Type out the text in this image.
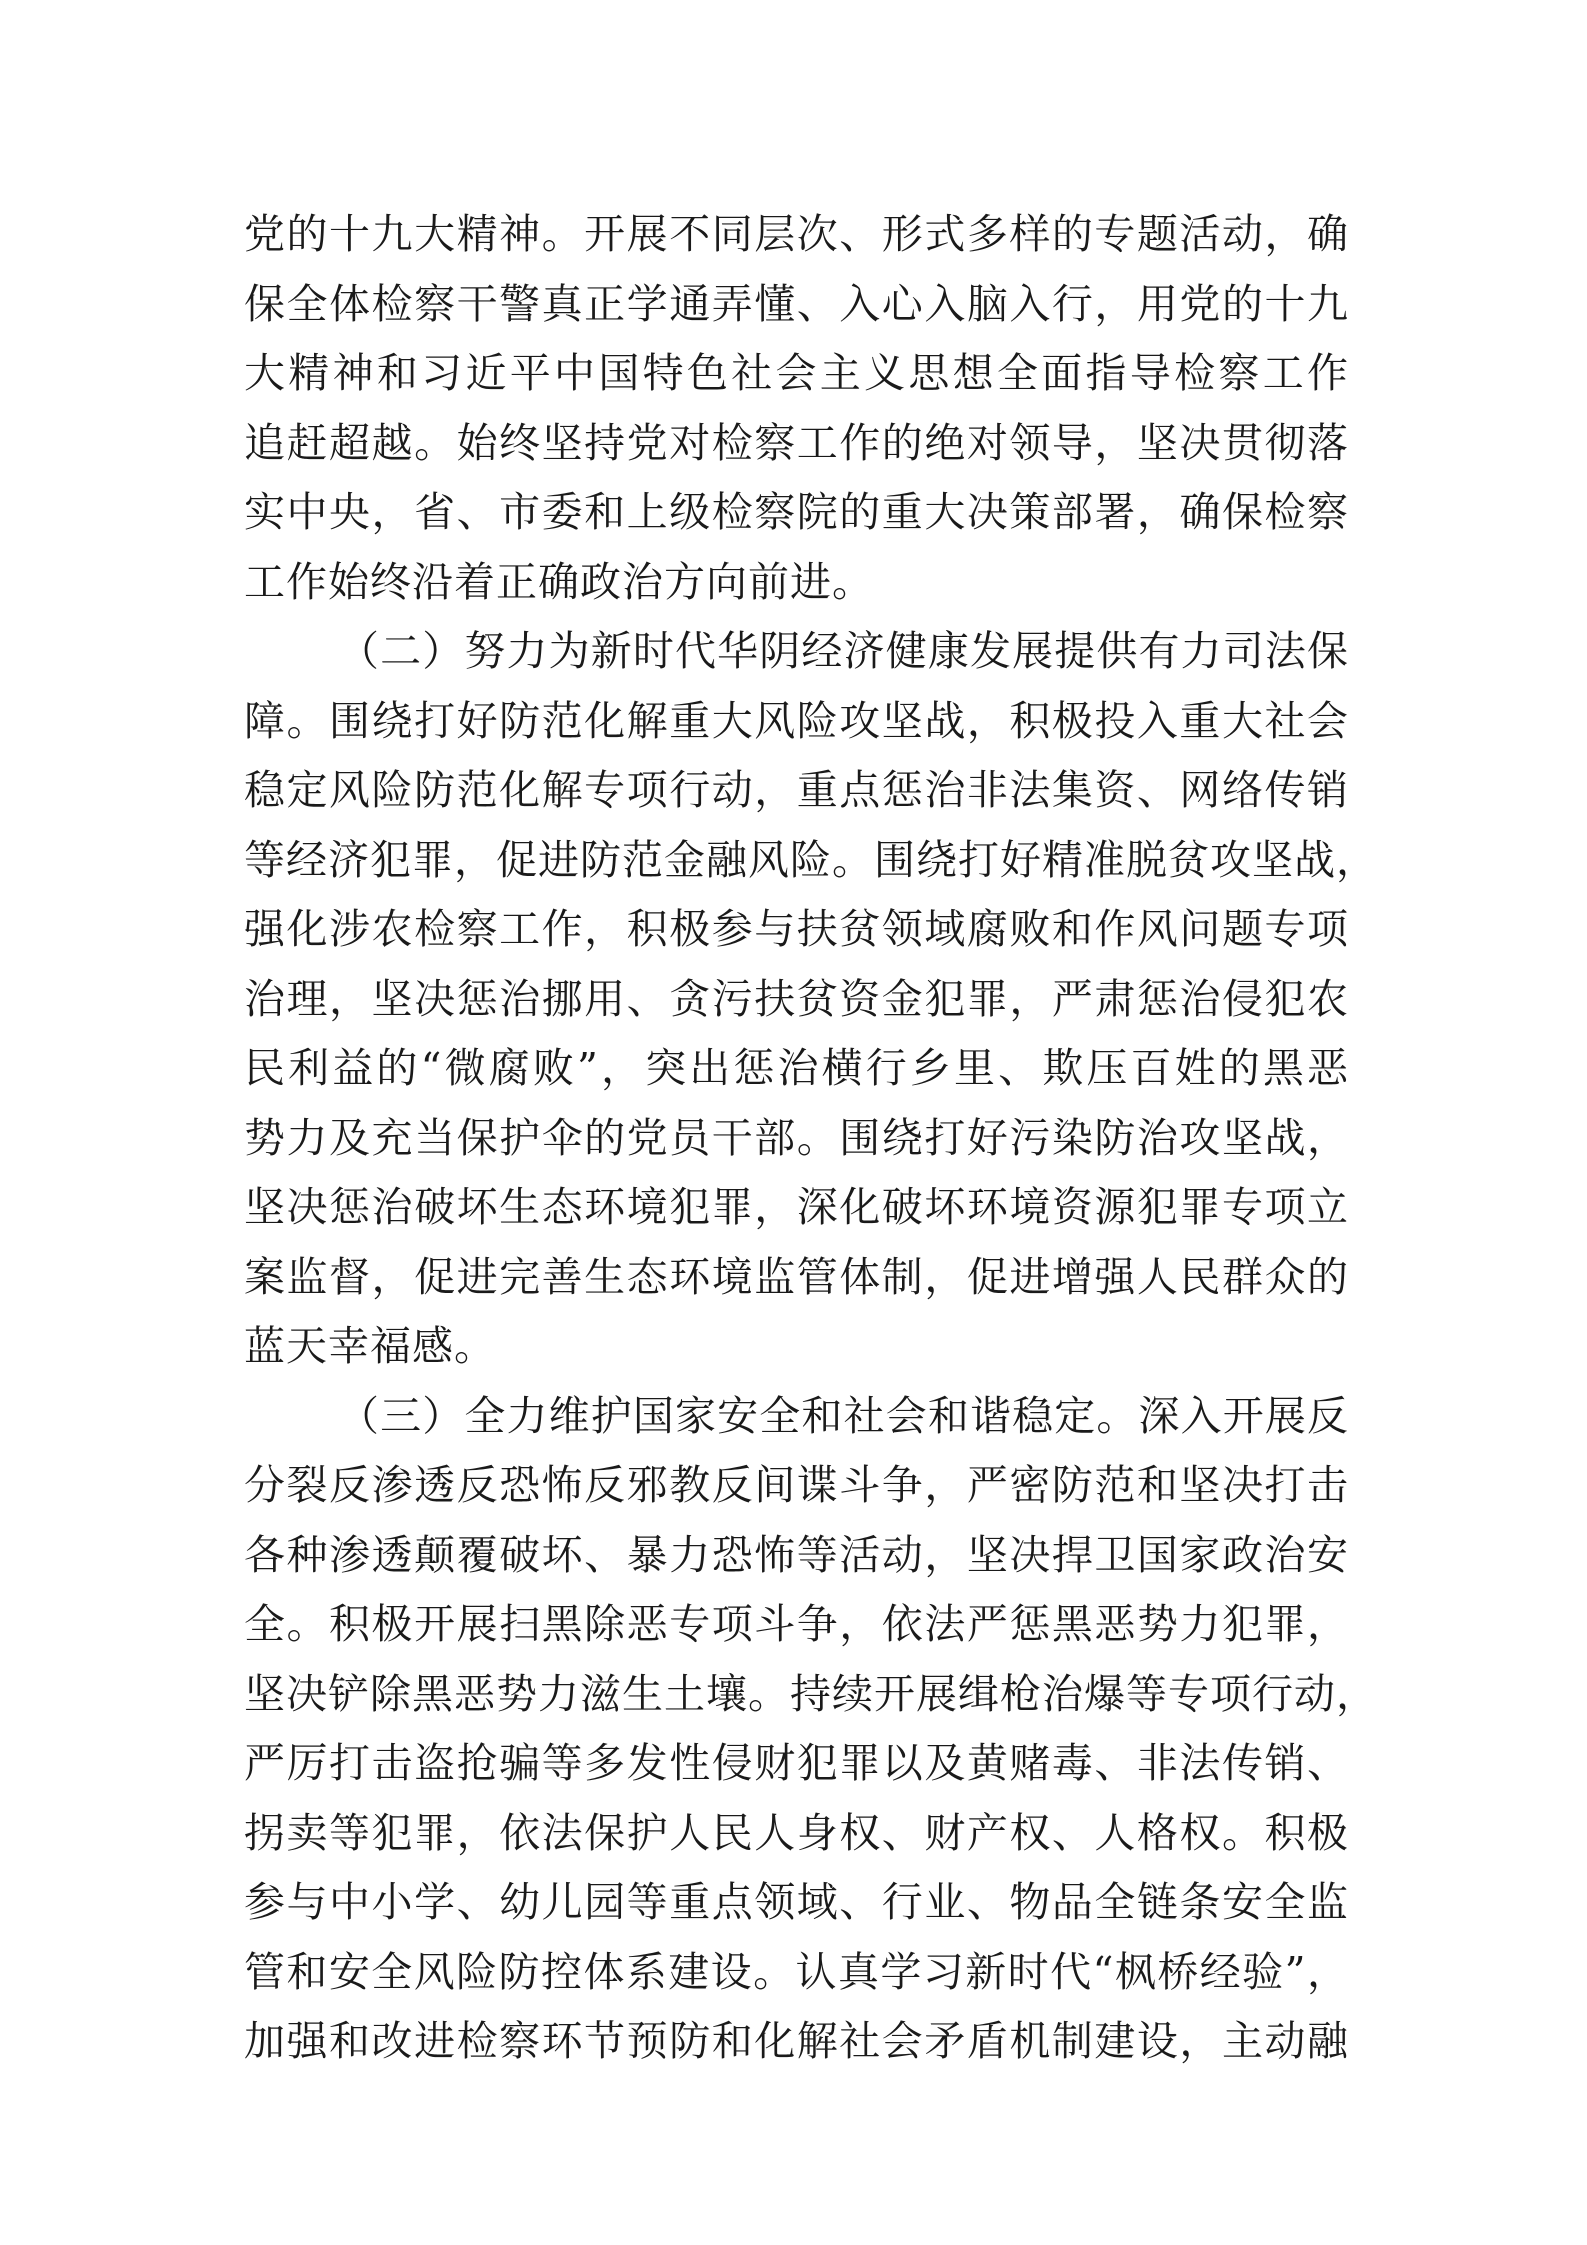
党的十九大精神。开展不同层次、形式多样的专题活动，确
保全体检察干警真正学通弄懂、入心入脑入行，用党的十九
大精神和习近平中国特色社会主义思想全面指导检察工作
追赶超越。始终坚持党对检察工作的绝对领导，坚决贯彻落
实中央，省、市委和上级检察院的重大决策部署，确保检察
工作始终沿着正确政治方向前进。
（二）努力为新时代华阴经济健康发展提供有力司法保
障。围绕打好防范化解重大风险攻坚战，积极投入重大社会
稳定风险防范化解专项行动，重点惩治非法集资、网络传销
等经济犯罪，促进防范金融风险。围绕打好精准脱贫攻坚战，
强化涉农检察工作，积极参与扶贫领域腐败和作风问题专项
治理，坚决惩治挪用、贪污扶贫资金犯罪，严肃惩治侵犯农
民利益的“微腐败”，突出惩治横行乡里、欺压百姓的黑恶
势力及充当保护伞的党员干部。围绕打好污染防治攻坚战，
坚决惩治破坏生态环境犯罪，深化破坏环境资源犯罪专项立
案监督，促进完善生态环境监管体制，促进增强人民群众的
蓝天幸福感。
（三）全力维护国家安全和社会和谐稳定。深入开展反
分裂反渗透反恐怖反邪教反间谍斗争，严密防范和坚决打击
各种渗透颠覆破坏、暴力恐怖等活动，坚决捍卫国家政治安
全。积极开展扫黑除恶专项斗争，依法严惩黑恶势力犯罪，
坚决铲除黑恶势力滋生土壤。持续开展缉枪治爆等专项行动，
严厉打击盗抢骗等多发性侵财犯罪以及黄赌毒、非法传销、
拐卖等犯罪，依法保护人民人身权、财产权、人格权。积极
参与中小学、幼儿园等重点领域、行业、物品全链条安全监
管和安全风险防控体系建设。认真学习新时代“枫桥经验”，
加强和改进检察环节预防和化解社会矛盾机制建设，主动融
